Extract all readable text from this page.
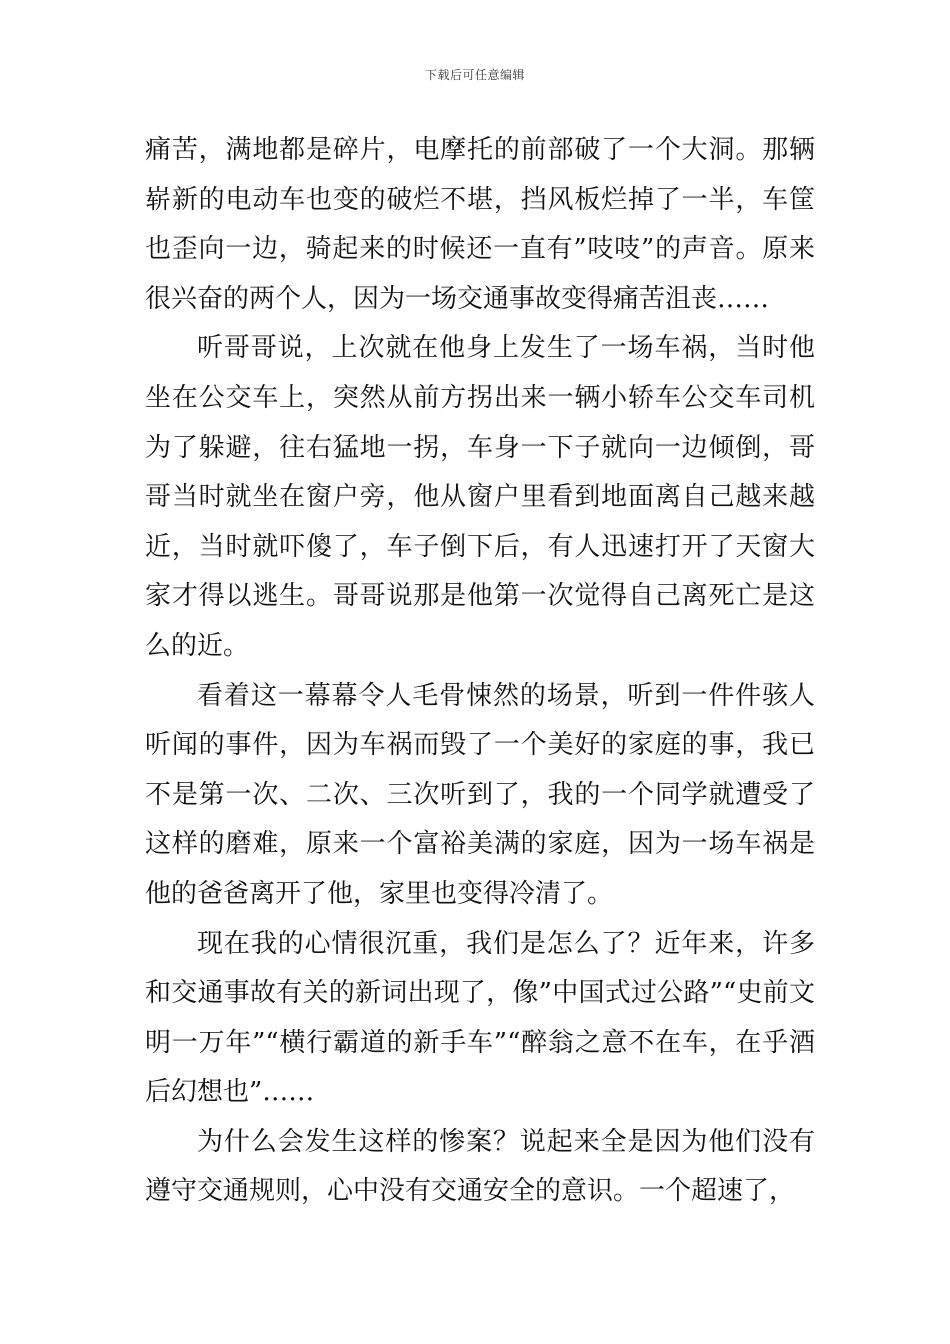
下载后可任意编辑

痛苦，满地都是碎片，电摩托的前部破了一个大洞。那辆崭新的电动车也变的破烂不堪，挡风板烂掉了一半，车筐也歪向一边，骑起来的时候还一直有”吱吱”的声音。原来很兴奋的两个人，因为一场交通事故变得痛苦沮丧……

听哥哥说，上次就在他身上发生了一场车祸，当时他坐在公交车上，突然从前方拐出来一辆小轿车公交车司机为了躲避，往右猛地一拐，车身一下子就向一边倾倒，哥哥当时就坐在窗户旁，他从窗户里看到地面离自己越来越近，当时就吓傻了，车子倒下后，有人迅速打开了天窗大家才得以逃生。哥哥说那是他第一次觉得自己离死亡是这么的近。

看着这一幕幕令人毛骨悚然的场景，听到一件件骇人听闻的事件，因为车祸而毁了一个美好的家庭的事，我已不是第一次、二次、三次听到了，我的一个同学就遭受了这样的磨难，原来一个富裕美满的家庭，因为一场车祸是他的爸爸离开了他，家里也变得冷清了。

现在我的心情很沉重，我们是怎么了？近年来，许多和交通事故有关的新词出现了，像”中国式过公路”“史前文明一万年”“横行霸道的新手车”“醉翁之意不在车，在乎酒后幻想也”……

为什么会发生这样的惨案？说起来全是因为他们没有遵守交通规则，心中没有交通安全的意识。一个超速了，
